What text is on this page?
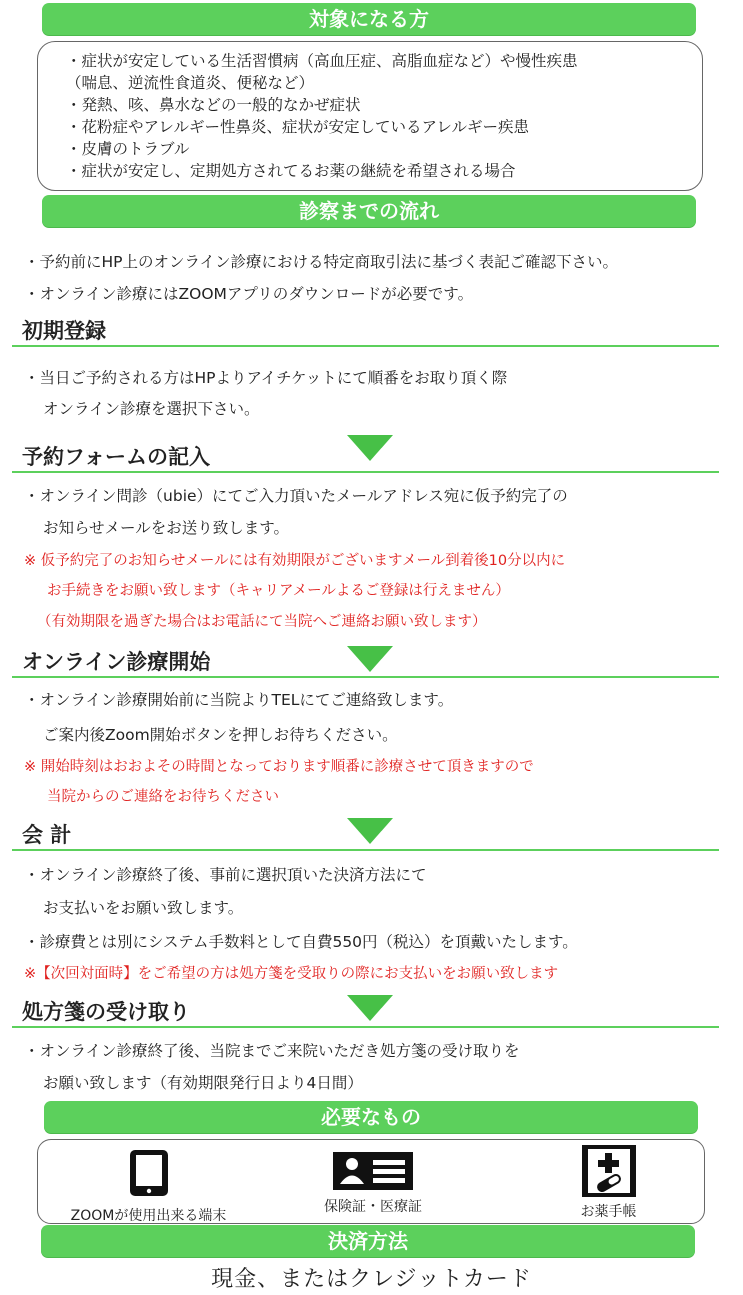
対象になる方
・ 症状が安定している生活習慣病（高血圧症、高脂血症など）や慢性疾患
（喘息、逆流性食道炎、便秘など）
・ 発熱、咳、鼻水などの一般的なかぜ症状
・ 花粉症やアレルギー性鼻炎、症状が安定しているアレルギー疾患
・ 皮膚のトラブル
・ 症状が安定し、定期処方されてるお薬の継続を希望される場合
診察までの流れ
・予約前にHP上のオンライン診療における特定商取引法に基づく表記ご確認下さい。
・オンライン診療にはZOOMアプリのダウンロードが必要です。
初期登録
・当日ご予約される方はHPよりアイチケットにて順番をお取り頂く際
オンライン診療を選択下さい。
予約フォームの記入
・オンライン問診（ubie）にてご入力頂いたメールアドレス宛に仮予約完了の
お知らせメールをお送り致します。
※ 仮予約完了のお知らせメールには有効期限がございますメール到着後10分以内に
お手続きをお願い致します（キャリアメールよるご登録は行えません）
（有効期限を過ぎた場合はお電話にて当院へご連絡お願い致します）
オンライン診療開始
・オンライン診療開始前に当院よりTELにてご連絡致します。
ご案内後Zoom開始ボタンを押しお待ちください。
※ 開始時刻はおおよその時間となっております順番に診療させて頂きますので
当院からのご連絡をお待ちください
会 計
・オンライン診療終了後、事前に選択頂いた決済方法にて
お支払いをお願い致します。
・診療費とは別にシステム手数料として自費550円（税込）を頂戴いたします。
※【次回対面時】をご希望の方は処方箋を受取りの際にお支払いをお願い致します
処方箋の受け取り
・オンライン診療終了後、当院までご来院いただき処方箋の受け取りを
お願い致します（有効期限発行日より4日間）
必要なもの
ZOOMが使用出来る端末
保険証・医療証	お薬手帳
決済方法
現金、またはクレジットカード
